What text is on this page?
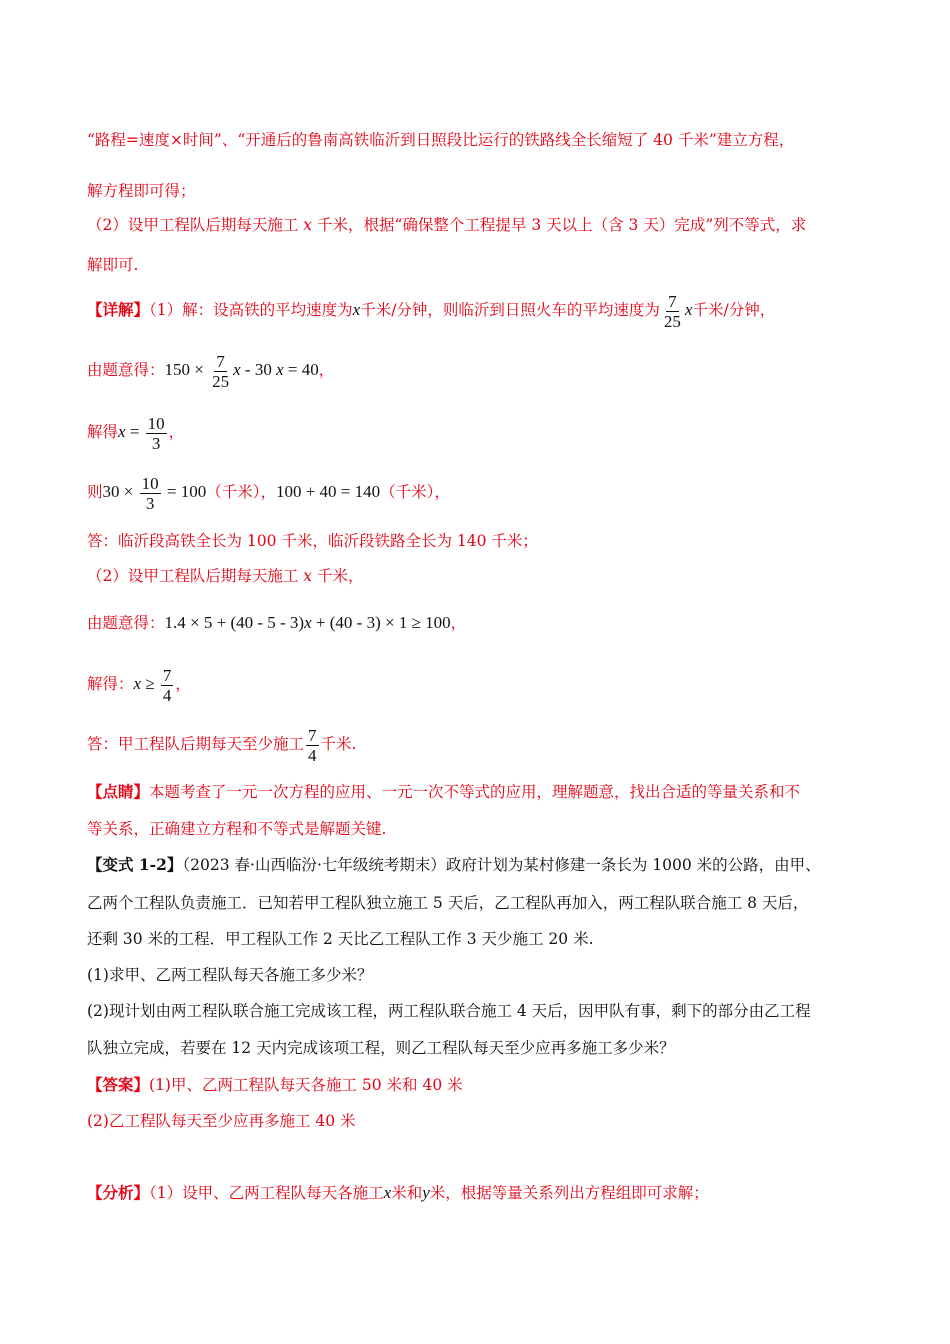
“路程=速度×时间”、“开通后的鲁南高铁临沂到日照段比运行的铁路线全长缩短了 40 千米”建立方程，
解方程即可得；
（2）设甲工程队后期每天施工 x 千米，根据“确保整个工程提早 3 天以上（含 3 天）完成”列不等式，求
解即可.
【详解】（1）解：设高铁的平均速度为x千米/分钟，则临沂到日照火车的平均速度为 $\frac{7}{25}$ x千米/分钟，
由题意得：$150 \times \frac{7}{25}$ x - 30 x = 40，
解得$x = \frac{10}{3}$ ，
则$30 \times \frac{10}{3} = 100$（千米），100 + 40 = 140（千米），
答：临沂段高铁全长为 100 千米，临沂段铁路全长为 140 千米；
（2）设甲工程队后期每天施工 x 千米，
由题意得：1.4 × 5 + (40 - 5 - 3)x + (40 - 3) × 1 ≥ 100，
解得：$x \ge \frac{7}{4}$ ，
答：甲工程队后期每天至少施工 $\frac{7}{4}$ 千米.
【点睛】本题考查了一元一次方程的应用、一元一次不等式的应用，理解题意，找出合适的等量关系和不
等关系，正确建立方程和不等式是解题关键.
【变式 1-2】（2023 春·山西临汾·七年级统考期末）政府计划为某村修建一条长为 1000 米的公路，由甲、
乙两个工程队负责施工．已知若甲工程队独立施工 5 天后，乙工程队再加入，两工程队联合施工 8 天后，
还剩 30 米的工程．甲工程队工作 2 天比乙工程队工作 3 天少施工 20 米.
(1)求甲、乙两工程队每天各施工多少米？
(2)现计划由两工程队联合施工完成该工程，两工程队联合施工 4 天后，因甲队有事，剩下的部分由乙工程
队独立完成，若要在 12 天内完成该项工程，则乙工程队每天至少应再多施工多少米？
【答案】(1)甲、乙两工程队每天各施工 50 米和 40 米
(2)乙工程队每天至少应再多施工 40 米
【分析】（1）设甲、乙两工程队每天各施工x米和y米，根据等量关系列出方程组即可求解；
